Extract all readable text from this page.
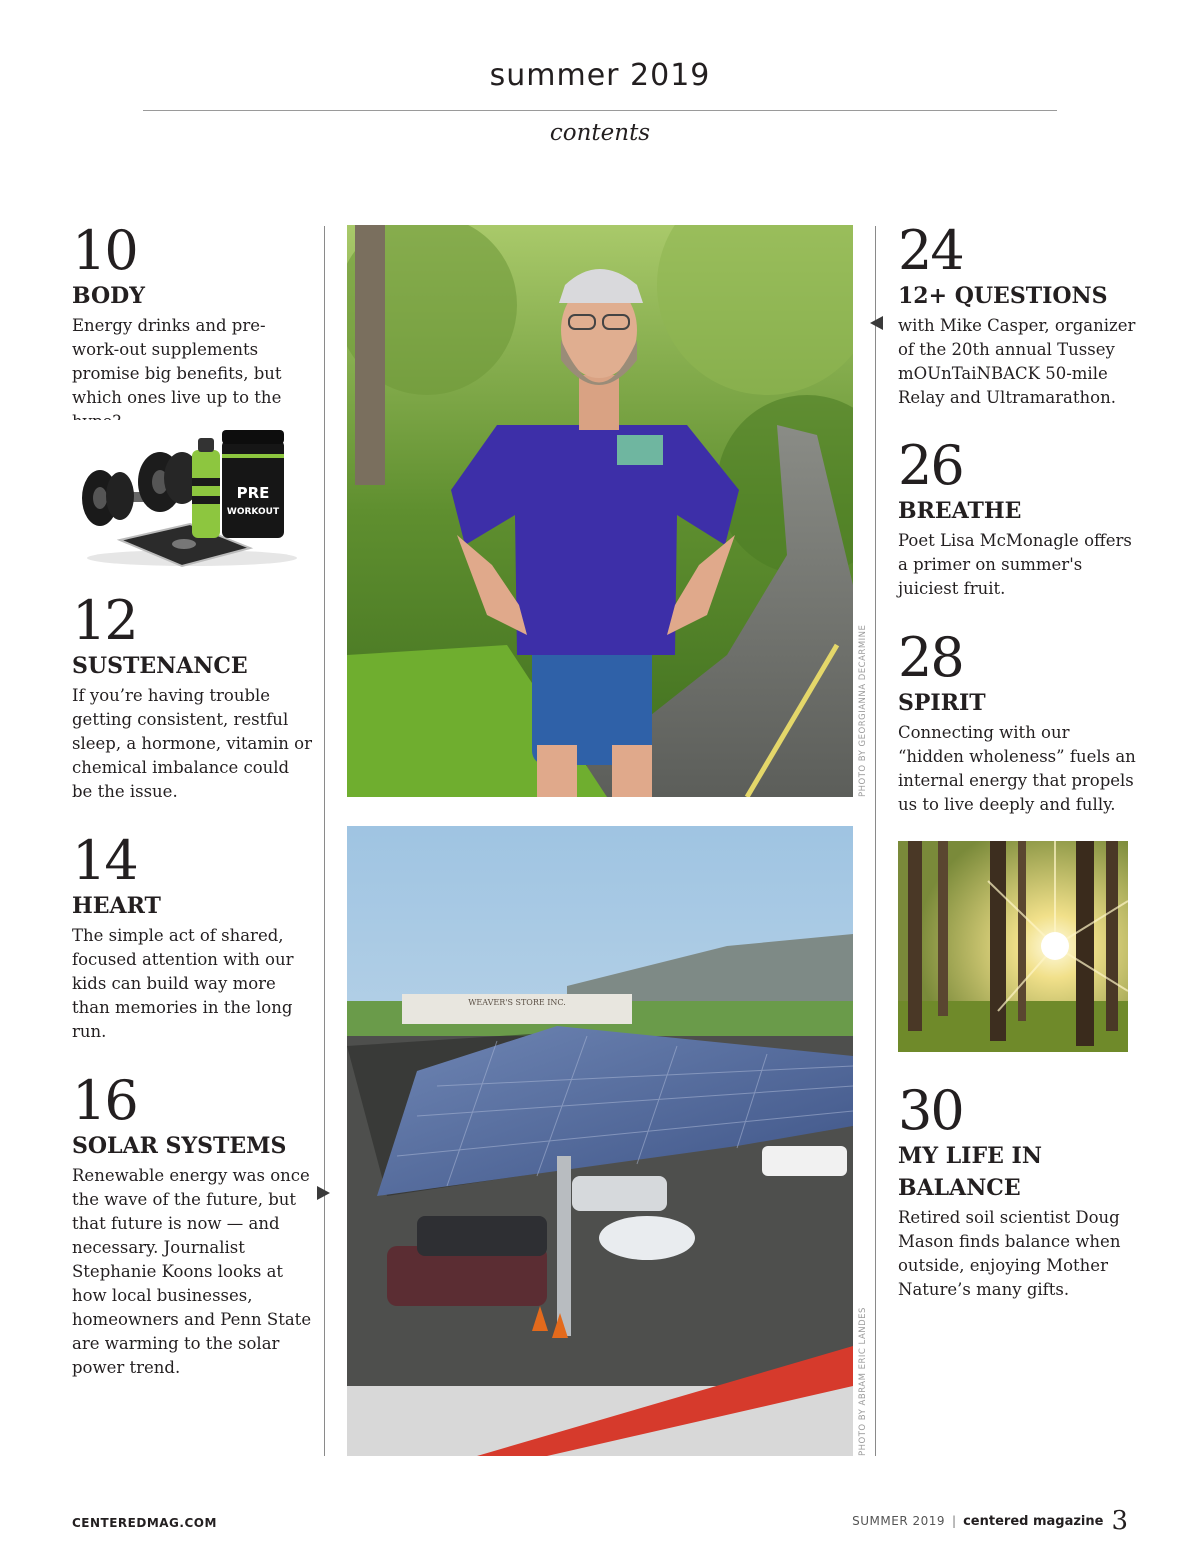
summer 2019
contents
10
BODY
Energy drinks and pre-work-out supplements promise big benefits, but which ones live up to the
PRE
WORKOUT
12
SUSTENANCE
If you’re having trouble getting consistent, restful sleep, a hormone, vitamin or chemical imbalance could be the issue.
14
HEART
The simple act of shared, focused attention with our kids can build way more than memories in the long run.
16
SOLAR SYSTEMS
Renewable energy was once the wave of the future, but that future is now — and necessary. Journalist Stephanie Koons looks at how local businesses, homeowners and Penn State are warming to the solar power trend.
PHOTO BY GEORGIANNA DECARMINE
WEAVER'S STORE INC.
PHOTO BY ABRAM ERIC LANDES
24
12+ QUESTIONS
with Mike Casper, organizer of the 20th annual Tussey mOUnTaiNBACK 50-mile Relay and Ultramarathon.
26
BREATHE
Poet Lisa McMonagle offers a primer on summer's juiciest fruit.
28
SPIRIT
Connecting with our “hidden wholeness” fuels an internal energy that propels us to live deeply and fully.
30
MY LIFE IN BALANCE
Retired soil scientist Doug Mason finds balance when outside, enjoying Mother Nature’s many gifts.
CENTEREDMAG.COM	SUMMER 2019 | centered magazine 3
